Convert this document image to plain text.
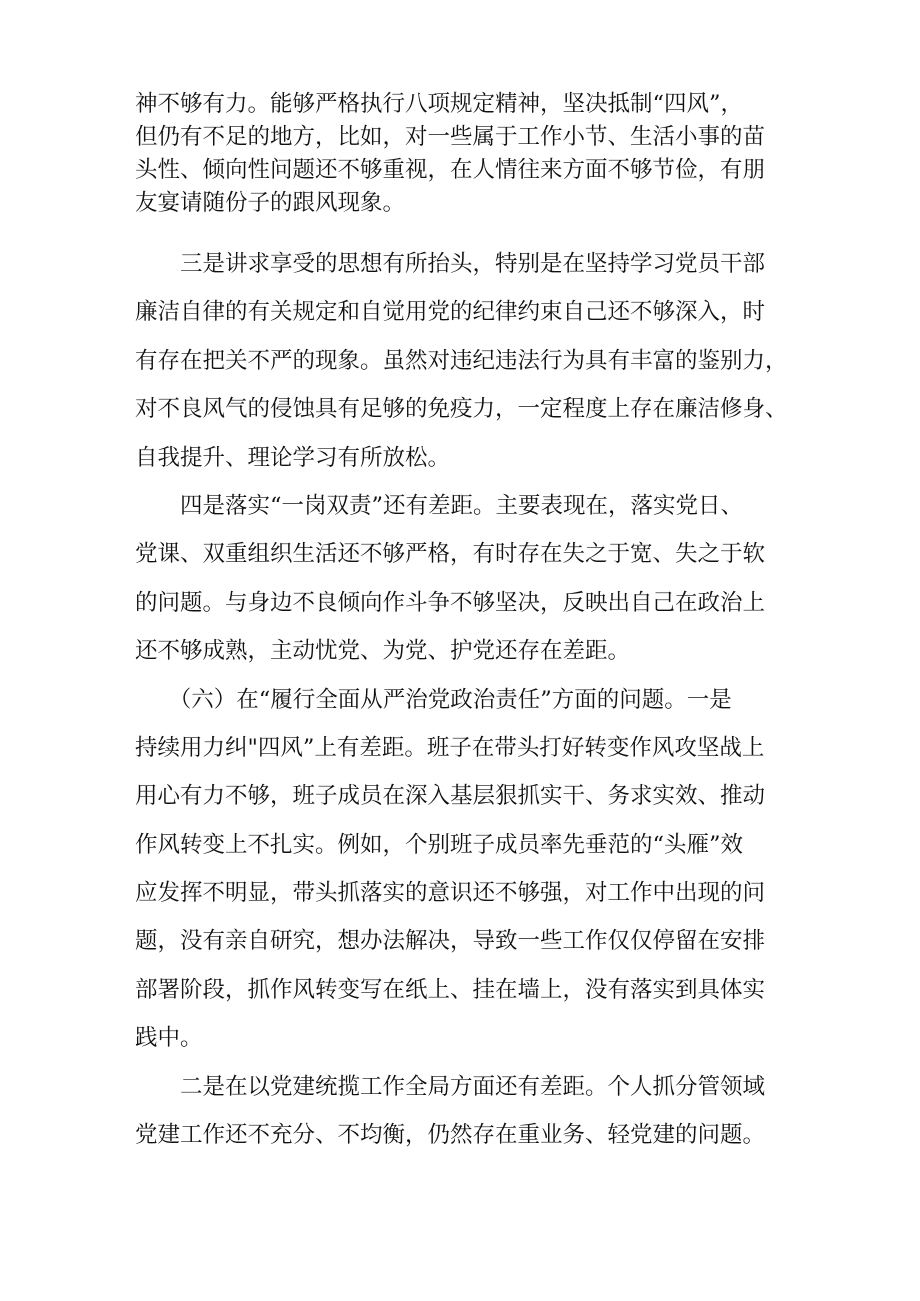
神不够有力。能够严格执行八项规定精神，坚决抵制“四风”，
但仍有不足的地方，比如，对一些属于工作小节、生活小事的苗
头性、倾向性问题还不够重视，在人情往来方面不够节俭，有朋
友宴请随份子的跟风现象。
　　三是讲求享受的思想有所抬头，特别是在坚持学习党员干部
廉洁自律的有关规定和自觉用党的纪律约束自己还不够深入，时
有存在把关不严的现象。虽然对违纪违法行为具有丰富的鉴别力，
对不良风气的侵蚀具有足够的免疫力，一定程度上存在廉洁修身、
自我提升、理论学习有所放松。
　　四是落实“一岗双责”还有差距。主要表现在，落实党日、
党课、双重组织生活还不够严格，有时存在失之于宽、失之于软
的问题。与身边不良倾向作斗争不够坚决，反映出自己在政治上
还不够成熟，主动忧党、为党、护党还存在差距。
　　（六）在“履行全面从严治党政治责任”方面的问题。一是
持续用力纠"四风”上有差距。班子在带头打好转变作风攻坚战上
用心有力不够，班子成员在深入基层狠抓实干、务求实效、推动
作风转变上不扎实。例如，个别班子成员率先垂范的“头雁”效
应发挥不明显，带头抓落实的意识还不够强，对工作中出现的问
题，没有亲自研究，想办法解决，导致一些工作仅仅停留在安排
部署阶段，抓作风转变写在纸上、挂在墙上，没有落实到具体实
践中。
　　二是在以党建统揽工作全局方面还有差距。个人抓分管领域
党建工作还不充分、不均衡，仍然存在重业务、轻党建的问题。
